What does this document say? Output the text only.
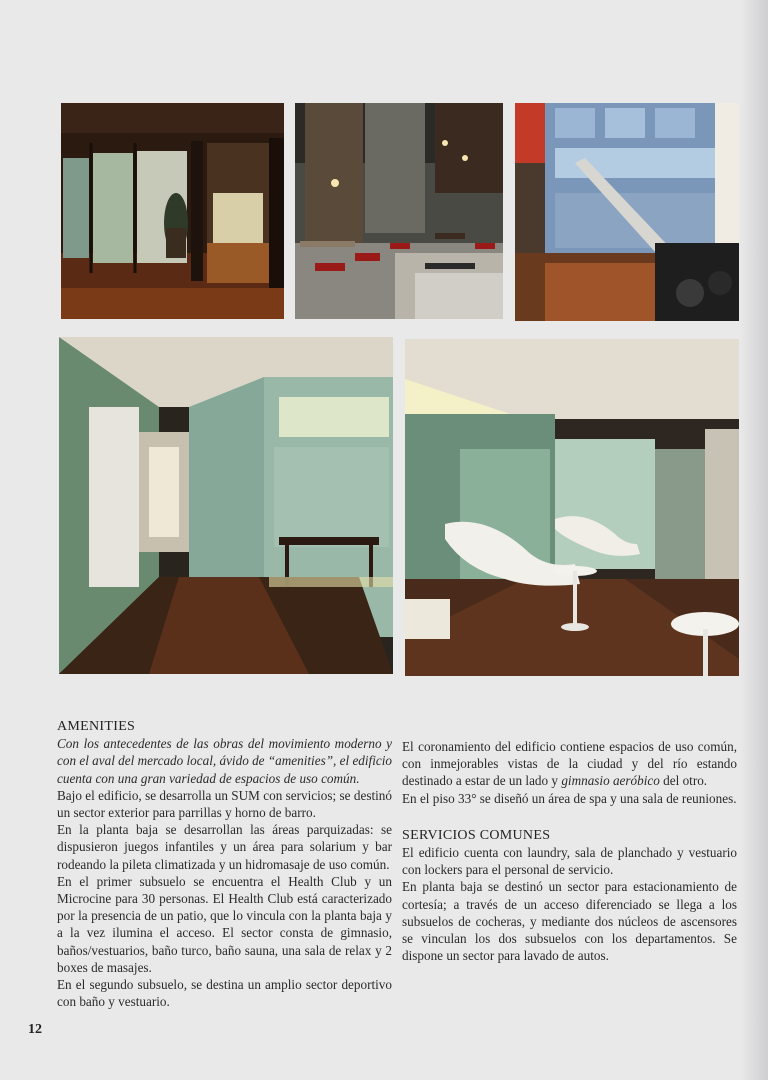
AMENITIES

Con los antecedentes de las obras del movimiento moderno y con el aval del mercado local, ávido de “amenities”, el edificio cuenta con una gran variedad de espacios de uso común.

Bajo el edificio, se desarrolla un SUM con servicios; se destinó un sector exterior para parrillas y horno de barro.

En la planta baja se desarrollan las áreas parquizadas: se dispusieron juegos infantiles y un área para solarium y bar rodeando la pileta climatizada y un hidromasaje de uso común.

En el primer subsuelo se encuentra el Health Club y un Microcine para 30 personas. El Health Club está caracterizado por la presencia de un patio, que lo vincula con la planta baja y a la vez ilumina el acceso. El sector consta de gimnasio, baños/vestuarios, baño turco, baño sauna, una sala de relax y 2 boxes de masajes.

En el segundo subsuelo, se destina un amplio sector deportivo con baño y vestuario.

El coronamiento del edificio contiene espacios de uso común, con inmejorables vistas de la ciudad y del río estando destinado a estar de un lado y gimnasio aeróbico del otro.

En el piso 33° se diseñó un área de spa y una sala de reuniones.

SERVICIOS COMUNES

El edificio cuenta con laundry, sala de planchado y vestuario con lockers para el personal de servicio.

En planta baja se destinó un sector para estacionamiento de cortesía; a través de un acceso diferenciado se llega a los subsuelos de cocheras, y mediante dos núcleos de ascensores se vinculan los dos subsuelos con los departamentos. Se dispone un sector para lavado de autos.

12
